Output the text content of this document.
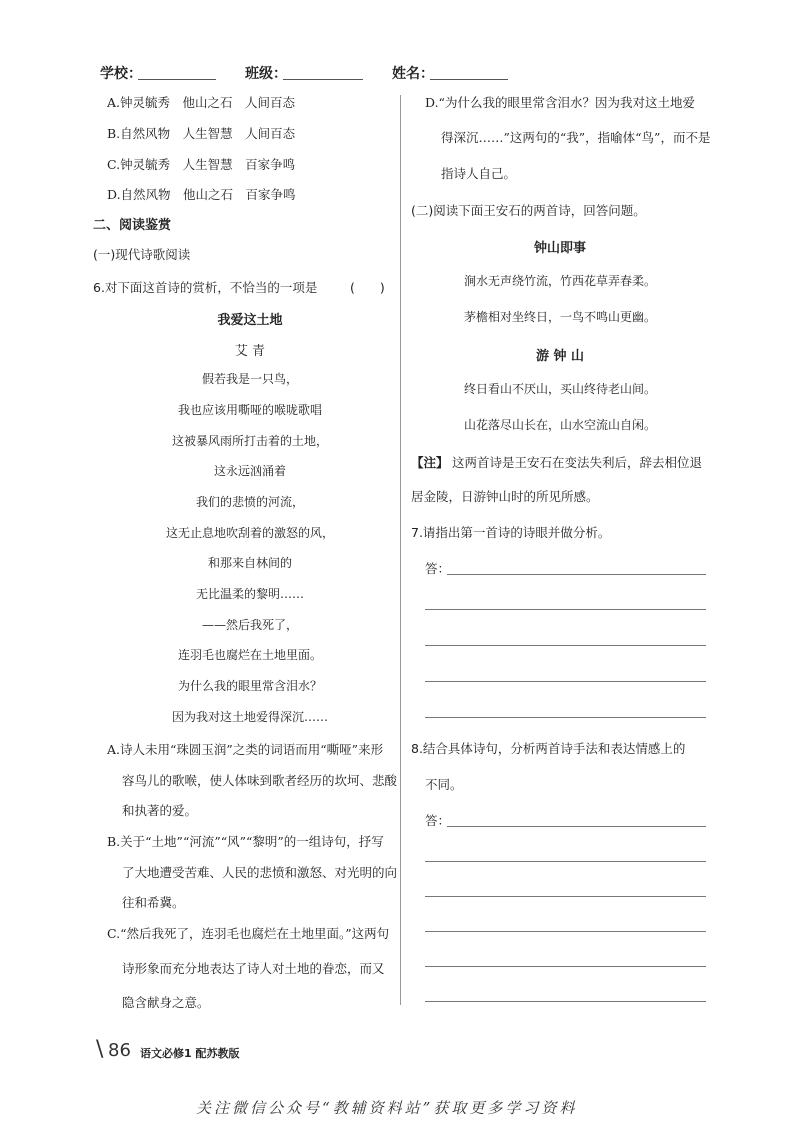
学校：	班级：	姓名：
A.钟灵毓秀　他山之石　人间百态
B.自然风物　人生智慧　人间百态
C.钟灵毓秀　人生智慧　百家争鸣
D.自然风物　他山之石　百家争鸣
二、阅读鉴赏
(一)现代诗歌阅读
6.对下面这首诗的赏析，不恰当的一项是	(　　)
我爱这土地
艾 青
假若我是一只鸟，
我也应该用嘶哑的喉咙歌唱
这被暴风雨所打击着的土地，
这永远汹涌着
我们的悲愤的河流，
这无止息地吹刮着的激怒的风，
和那来自林间的
无比温柔的黎明……
——然后我死了，
连羽毛也腐烂在土地里面。
为什么我的眼里常含泪水？
因为我对这土地爱得深沉……
A.诗人未用“珠圆玉润”之类的词语而用“嘶哑”来形
容鸟儿的歌喉，使人体味到歌者经历的坎坷、悲酸
和执著的爱。
B.关于“土地”“河流”“风”“黎明”的一组诗句，抒写
了大地遭受苦难、人民的悲愤和激怒、对光明的向
往和希冀。
C.“然后我死了，连羽毛也腐烂在土地里面。”这两句
诗形象而充分地表达了诗人对土地的眷恋，而又
隐含献身之意。
D.“为什么我的眼里常含泪水？因为我对这土地爱
得深沉……”这两句的“我”，指喻体“鸟”，而不是
指诗人自己。
(二)阅读下面王安石的两首诗，回答问题。
钟山即事
涧水无声绕竹流，竹西花草弄春柔。
茅檐相对坐终日，一鸟不鸣山更幽。
游 钟 山
终日看山不厌山，买山终待老山间。
山花落尽山长在，山水空流山自闲。
【注】 这两首诗是王安石在变法失利后，辞去相位退
居金陵，日游钟山时的所见所感。
7.请指出第一首诗的诗眼并做分析。
答：
8.结合具体诗句，分析两首诗手法和表达情感上的
不同。
答：
\ 86 语文必修1 配苏教版
关注微信公众号“教辅资料站”获取更多学习资料
